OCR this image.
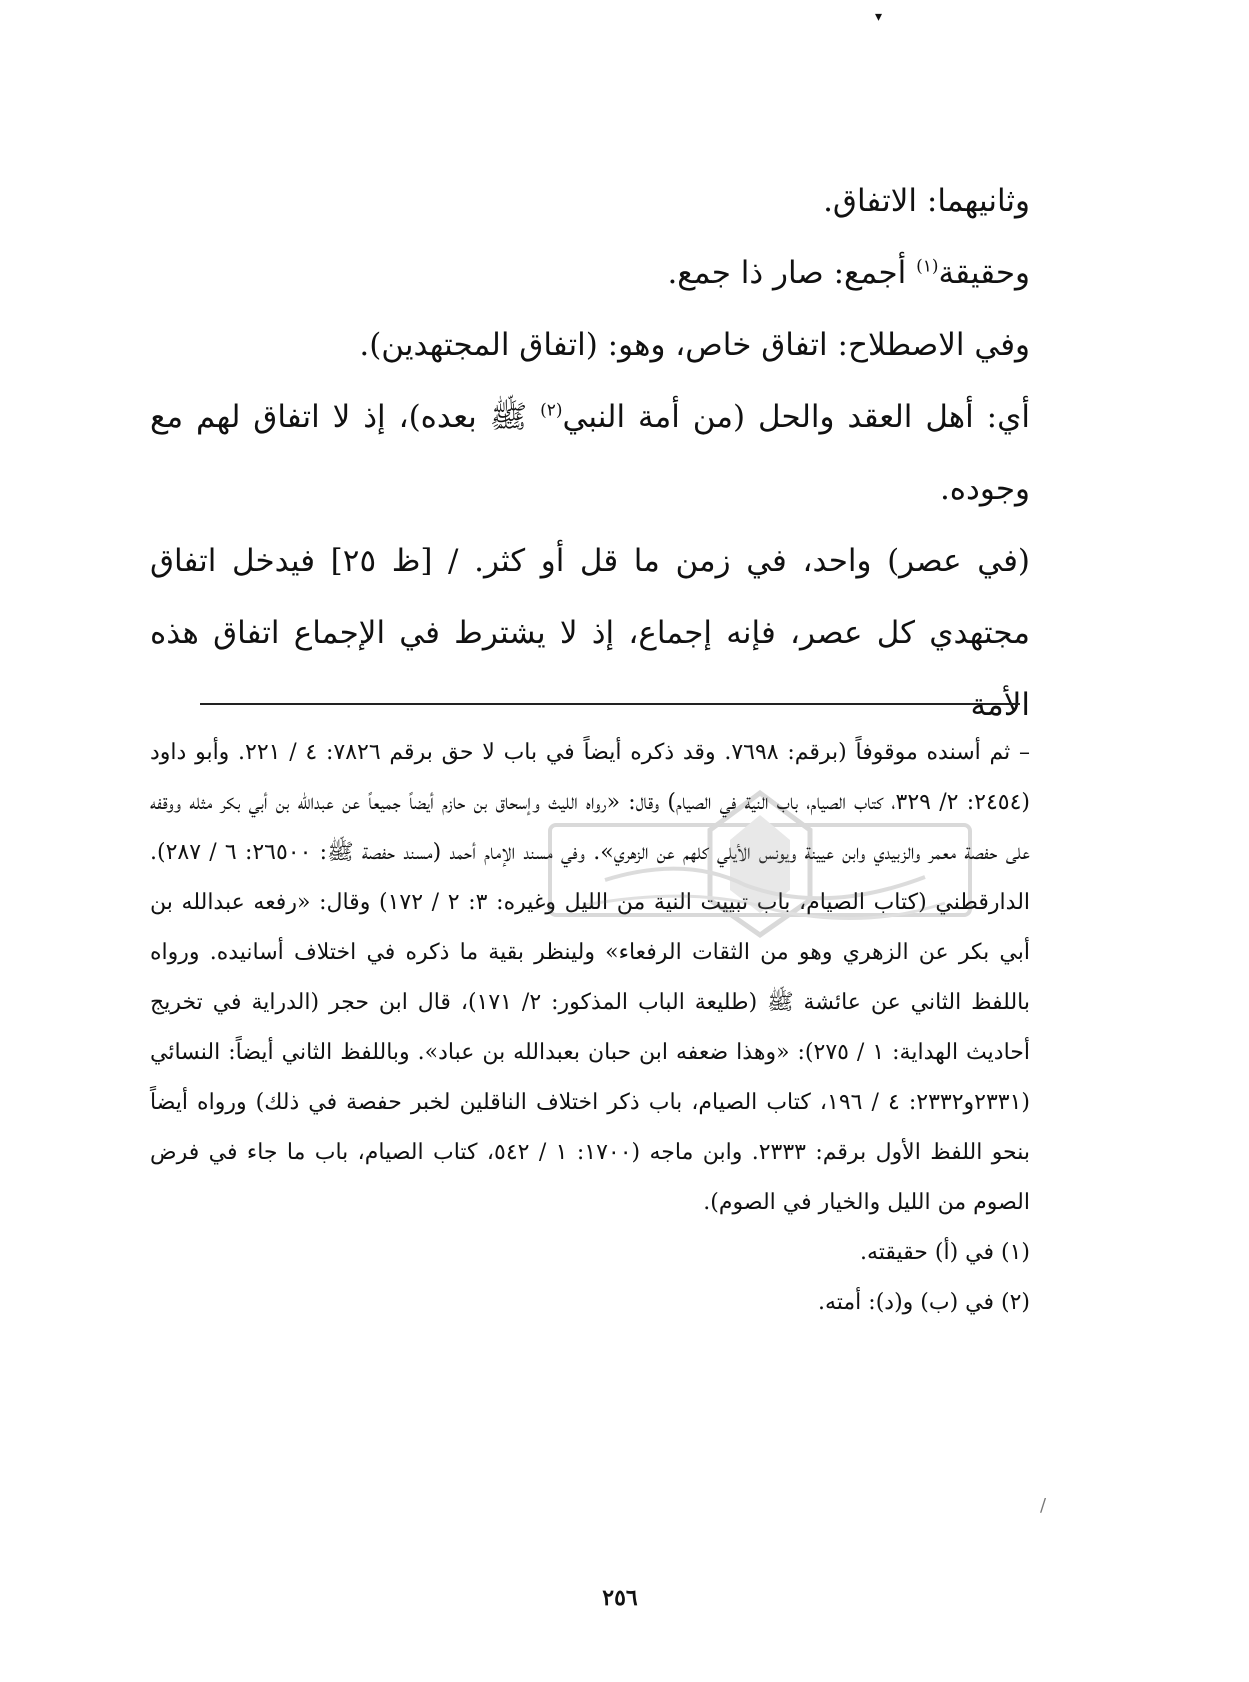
▾

وثانيهما: الاتفاق.

وحقيقة$^{(١)}$ أجمع: صار ذا جمع.

وفي الاصطلاح: اتفاق خاص، وهو: (اتفاق المجتهدين).

أي: أهل العقد والحل (من أمة النبي$^{(٢)}$ ﷺ بعده)، إذ لا اتفاق لهم مع وجوده.

(في عصر) واحد، في زمن ما قل أو كثر. / [ظ ٢٥] فيدخل اتفاق مجتهدي كل عصر، فإنه إجماع، إذ لا يشترط في الإجماع اتفاق هذه الأمة

– ثم أسنده موقوفاً (برقم: ٧٦٩٨. وقد ذكره أيضاً في باب لا حق برقم ٧٨٢٦: ٤ / ٢٢١. وأبو داود (٢٤٥٤: ٢/ ٣٢٩، كتاب الصيام، باب النية في الصيام) وقال: «رواه الليث وإسحاق بن حازم أيضاً جميعاً عن عبدالله بن أبي بكر مثله ووقفه على حفصة معمر والزبيدي وابن عيينة ويونس الأيلي كلهم عن الزهري». وفي مسند الإمام أحمد (مسند حفصة ﷺ: ٢٦٥٠٠: ٦ / ٢٨٧). الدارقطني (كتاب الصيام، باب تبييت النية من الليل وغيره: ٣: ٢ / ١٧٢) وقال: «رفعه عبدالله بن أبي بكر عن الزهري وهو من الثقات الرفعاء» ولينظر بقية ما ذكره في اختلاف أسانيده. ورواه باللفظ الثاني عن عائشة ﷺ (طليعة الباب المذكور: ٢/ ١٧١)، قال ابن حجر (الدراية في تخريج أحاديث الهداية: ١ / ٢٧٥): «وهذا ضعفه ابن حبان بعبدالله بن عباد». وباللفظ الثاني أيضاً: النسائي (٢٣٣١و٢٣٣٢: ٤ / ١٩٦، كتاب الصيام، باب ذكر اختلاف الناقلين لخبر حفصة في ذلك) ورواه أيضاً بنحو اللفظ الأول برقم: ٢٣٣٣. وابن ماجه (١٧٠٠: ١ / ٥٤٢، كتاب الصيام، باب ما جاء في فرض الصوم من الليل والخيار في الصوم).

(١) في (أ) حقيقته.

(٢) في (ب) و(د): أمته.

٢٥٦
/
